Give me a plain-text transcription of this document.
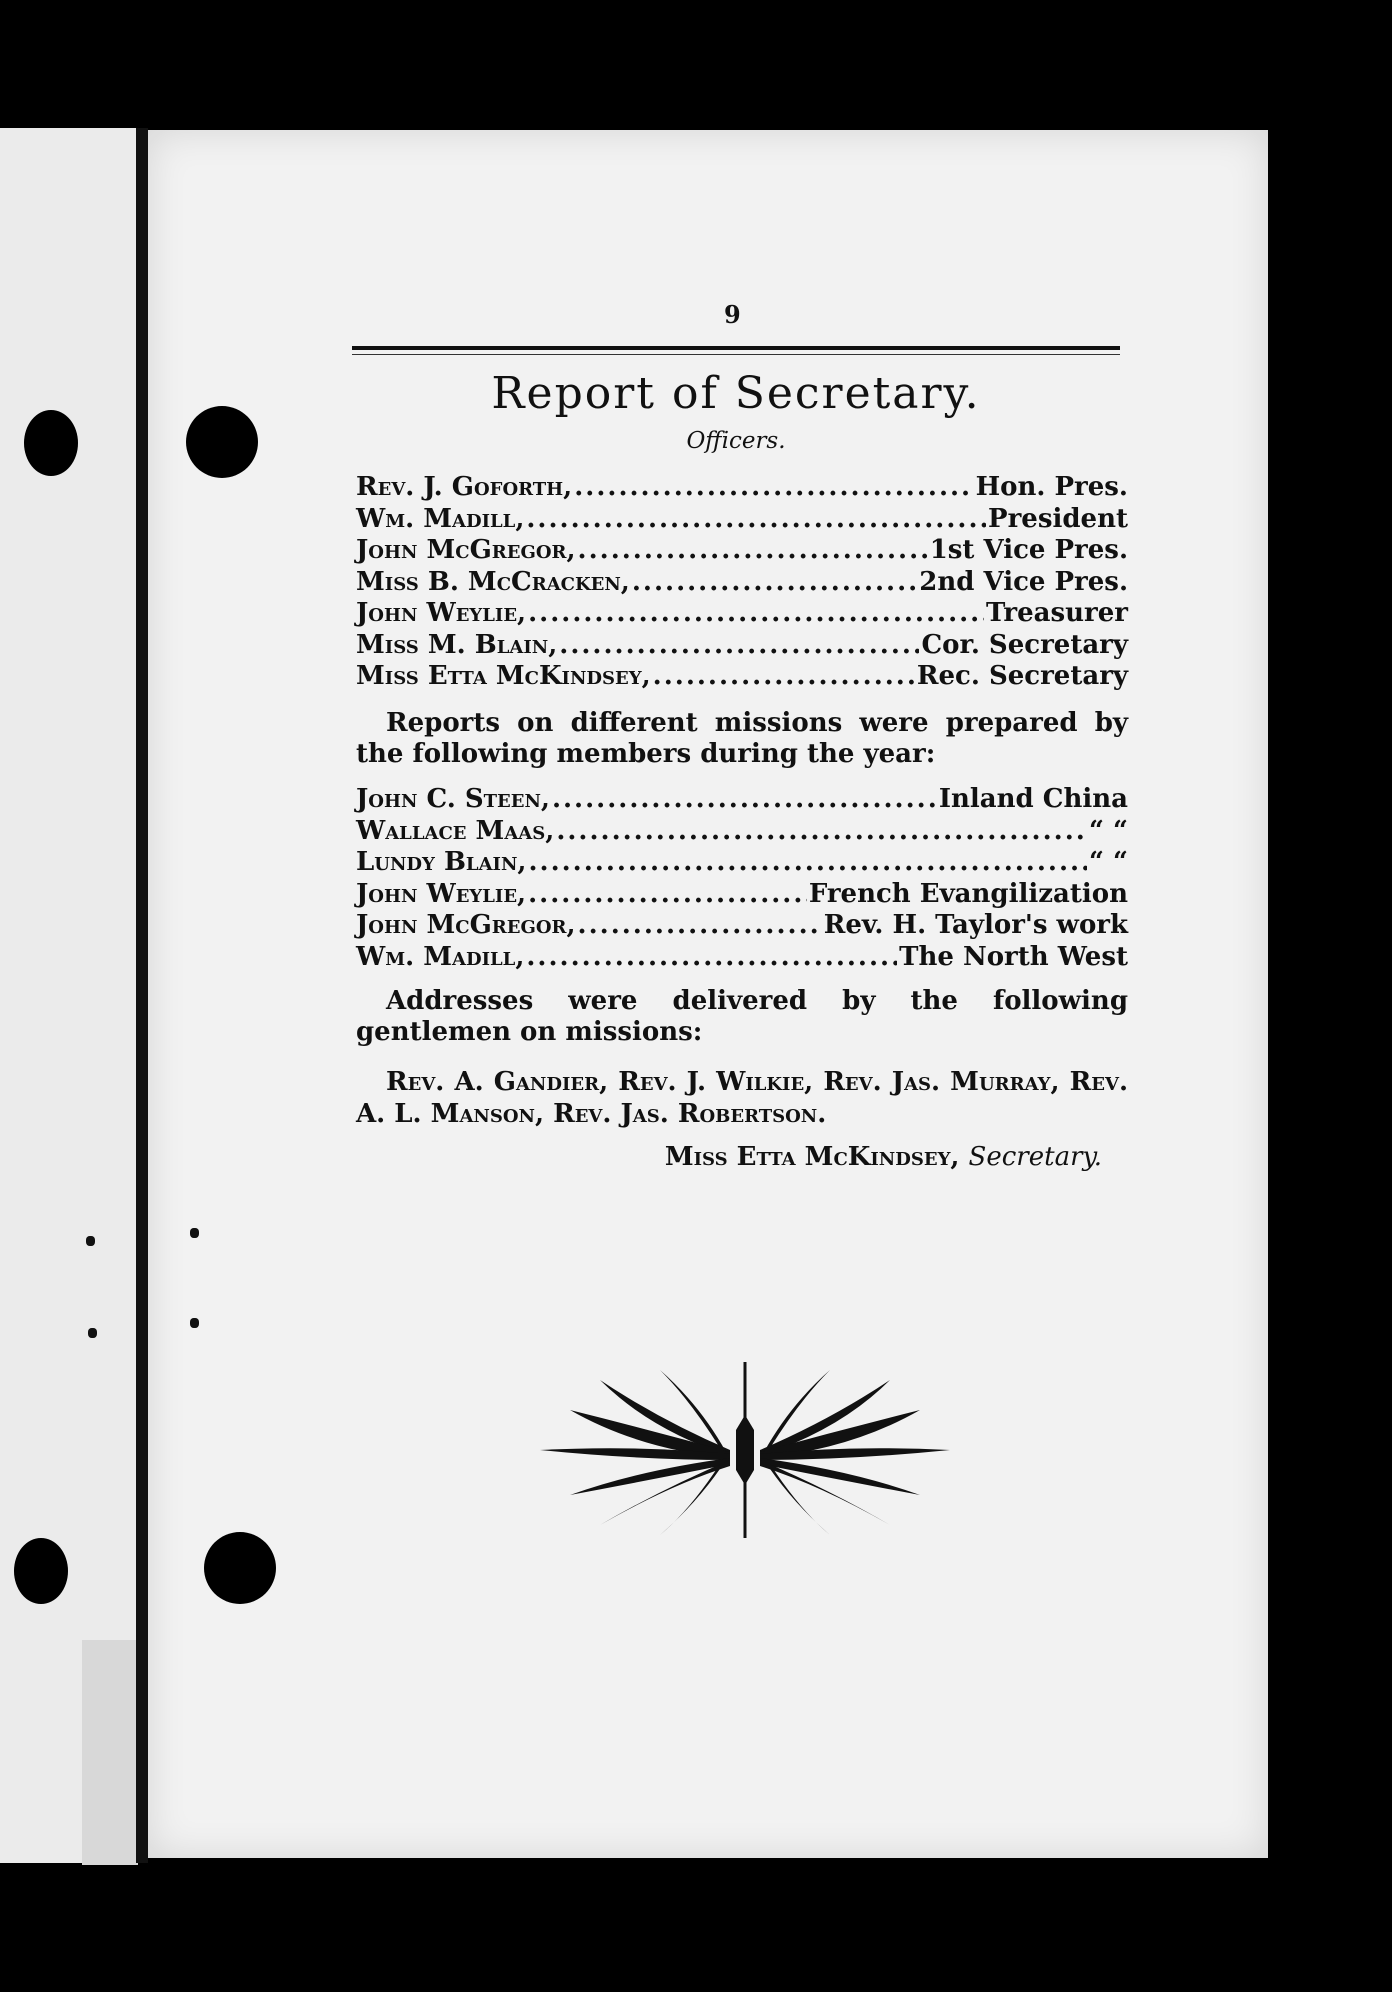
9
Report of Secretary.
Officers.
Rev. J. Goforth, .....	Hon. Pres.
Wm. Madill, .....	President
John McGregor, .....	1st Vice Pres.
Miss B. McCracken, .....	2nd Vice Pres.
John Weylie, .....	Treasurer
Miss M. Blain, .....	Cor. Secretary
Miss Etta McKindsey, .....	Rec. Secretary
Reports on different missions were prepared by the following members during the year:
John C. Steen, .....	Inland China
Wallace Maas, .....	“ “
Lundy Blain, .....	“ “
John Weylie, .....	French Evangilization
John McGregor, .....	Rev. H. Taylor's work
Wm. Madill, .....	The North West
Addresses were delivered by the following gentlemen on missions:
Rev. A. Gandier, Rev. J. Wilkie, Rev. Jas. Murray, Rev. A. L. Manson, Rev. Jas. Robertson.
Miss Etta McKindsey, Secretary.
